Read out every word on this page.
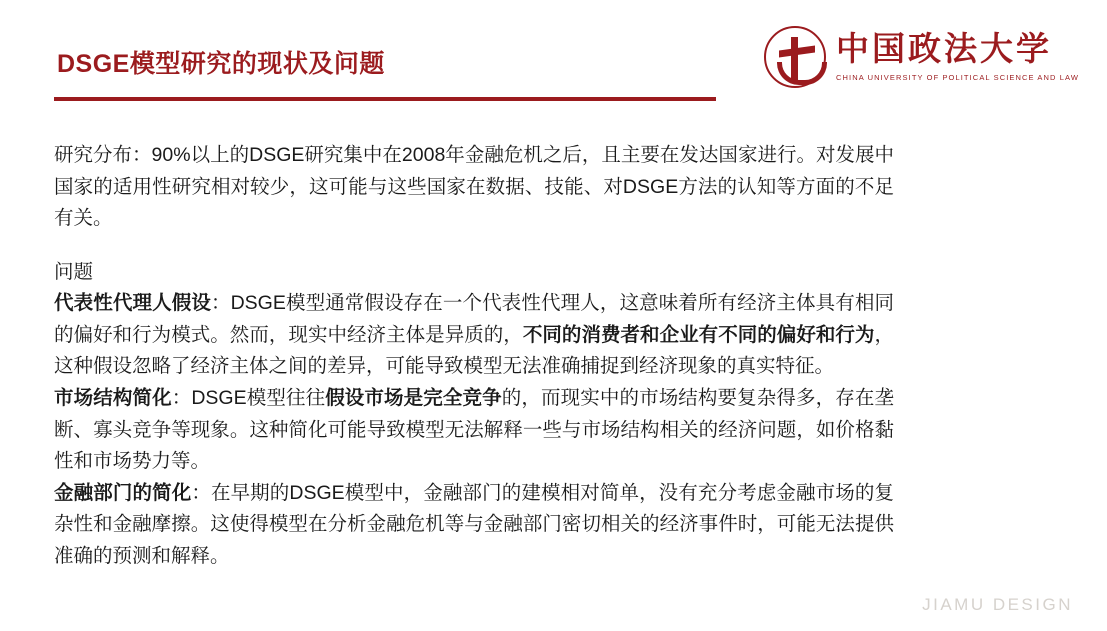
DSGE模型研究的现状及问题	中国政法大学
CHINA UNIVERSITY OF POLITICAL SCIENCE AND LAW

研究分布：90%以上的DSGE研究集中在2008年金融危机之后，且主要在发达国家进行。对发展中国家的适用性研究相对较少，这可能与这些国家在数据、技能、对DSGE方法的认知等方面的不足有关。

问题

代表性代理人假设：DSGE模型通常假设存在一个代表性代理人，这意味着所有经济主体具有相同的偏好和行为模式。然而，现实中经济主体是异质的，不同的消费者和企业有不同的偏好和行为，这种假设忽略了经济主体之间的差异，可能导致模型无法准确捕捉到经济现象的真实特征。

市场结构简化：DSGE模型往往假设市场是完全竞争的，而现实中的市场结构要复杂得多，存在垄断、寡头竞争等现象。这种简化可能导致模型无法解释一些与市场结构相关的经济问题，如价格黏性和市场势力等。

金融部门的简化：在早期的DSGE模型中，金融部门的建模相对简单，没有充分考虑金融市场的复杂性和金融摩擦。这使得模型在分析金融危机等与金融部门密切相关的经济事件时，可能无法提供准确的预测和解释。

JIAMU DESIGN
